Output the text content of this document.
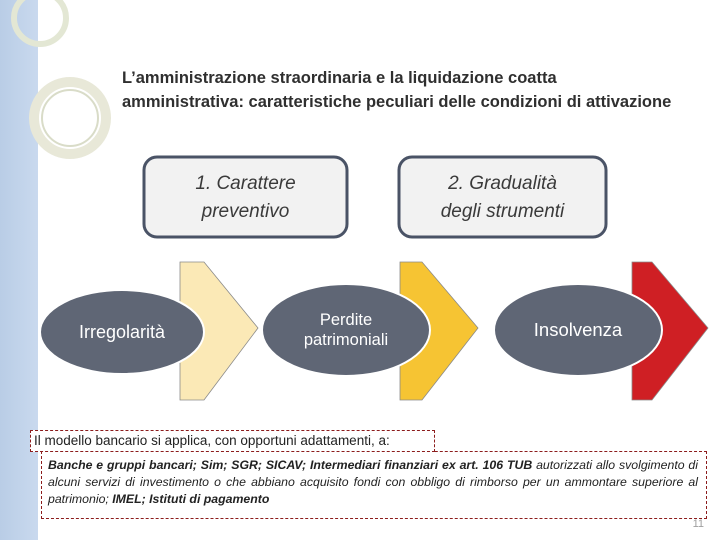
L’amministrazione straordinaria e la liquidazione coatta
amministrativa: caratteristiche peculiari delle condizioni di attivazione
1. Carattere
preventivo
2. Gradualità
degli strumenti
Irregolarità
Perdite
patrimoniali	Insolvenza
Banche e gruppi bancari; Sim; SGR; SICAV; Intermediari finanziari ex art. 106 TUB autorizzati allo svolgimento di alcuni servizi di investimento o che abbiano acquisito fondi con obbligo di rimborso per un ammontare superiore al patrimonio; IMEL; Istituti di pagamento
Il modello bancario si applica, con opportuni adattamenti, a:
11
